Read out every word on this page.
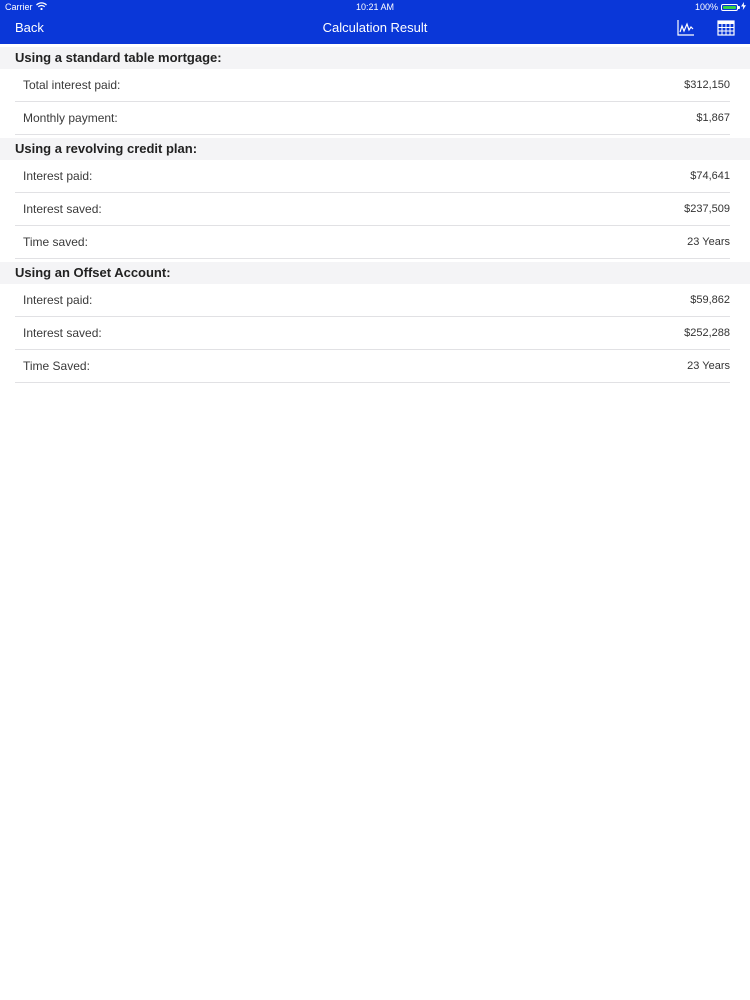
Carrier	10:21 AM	100%
Back	Calculation Result
Using a standard table mortgage:
Total interest paid:	$312,150
Monthly payment:	$1,867
Using a revolving credit plan:
Interest paid:	$74,641
Interest saved:	$237,509
Time saved:	23 Years
Using an Offset Account:
Interest paid:	$59,862
Interest saved:	$252,288
Time Saved:	23 Years
